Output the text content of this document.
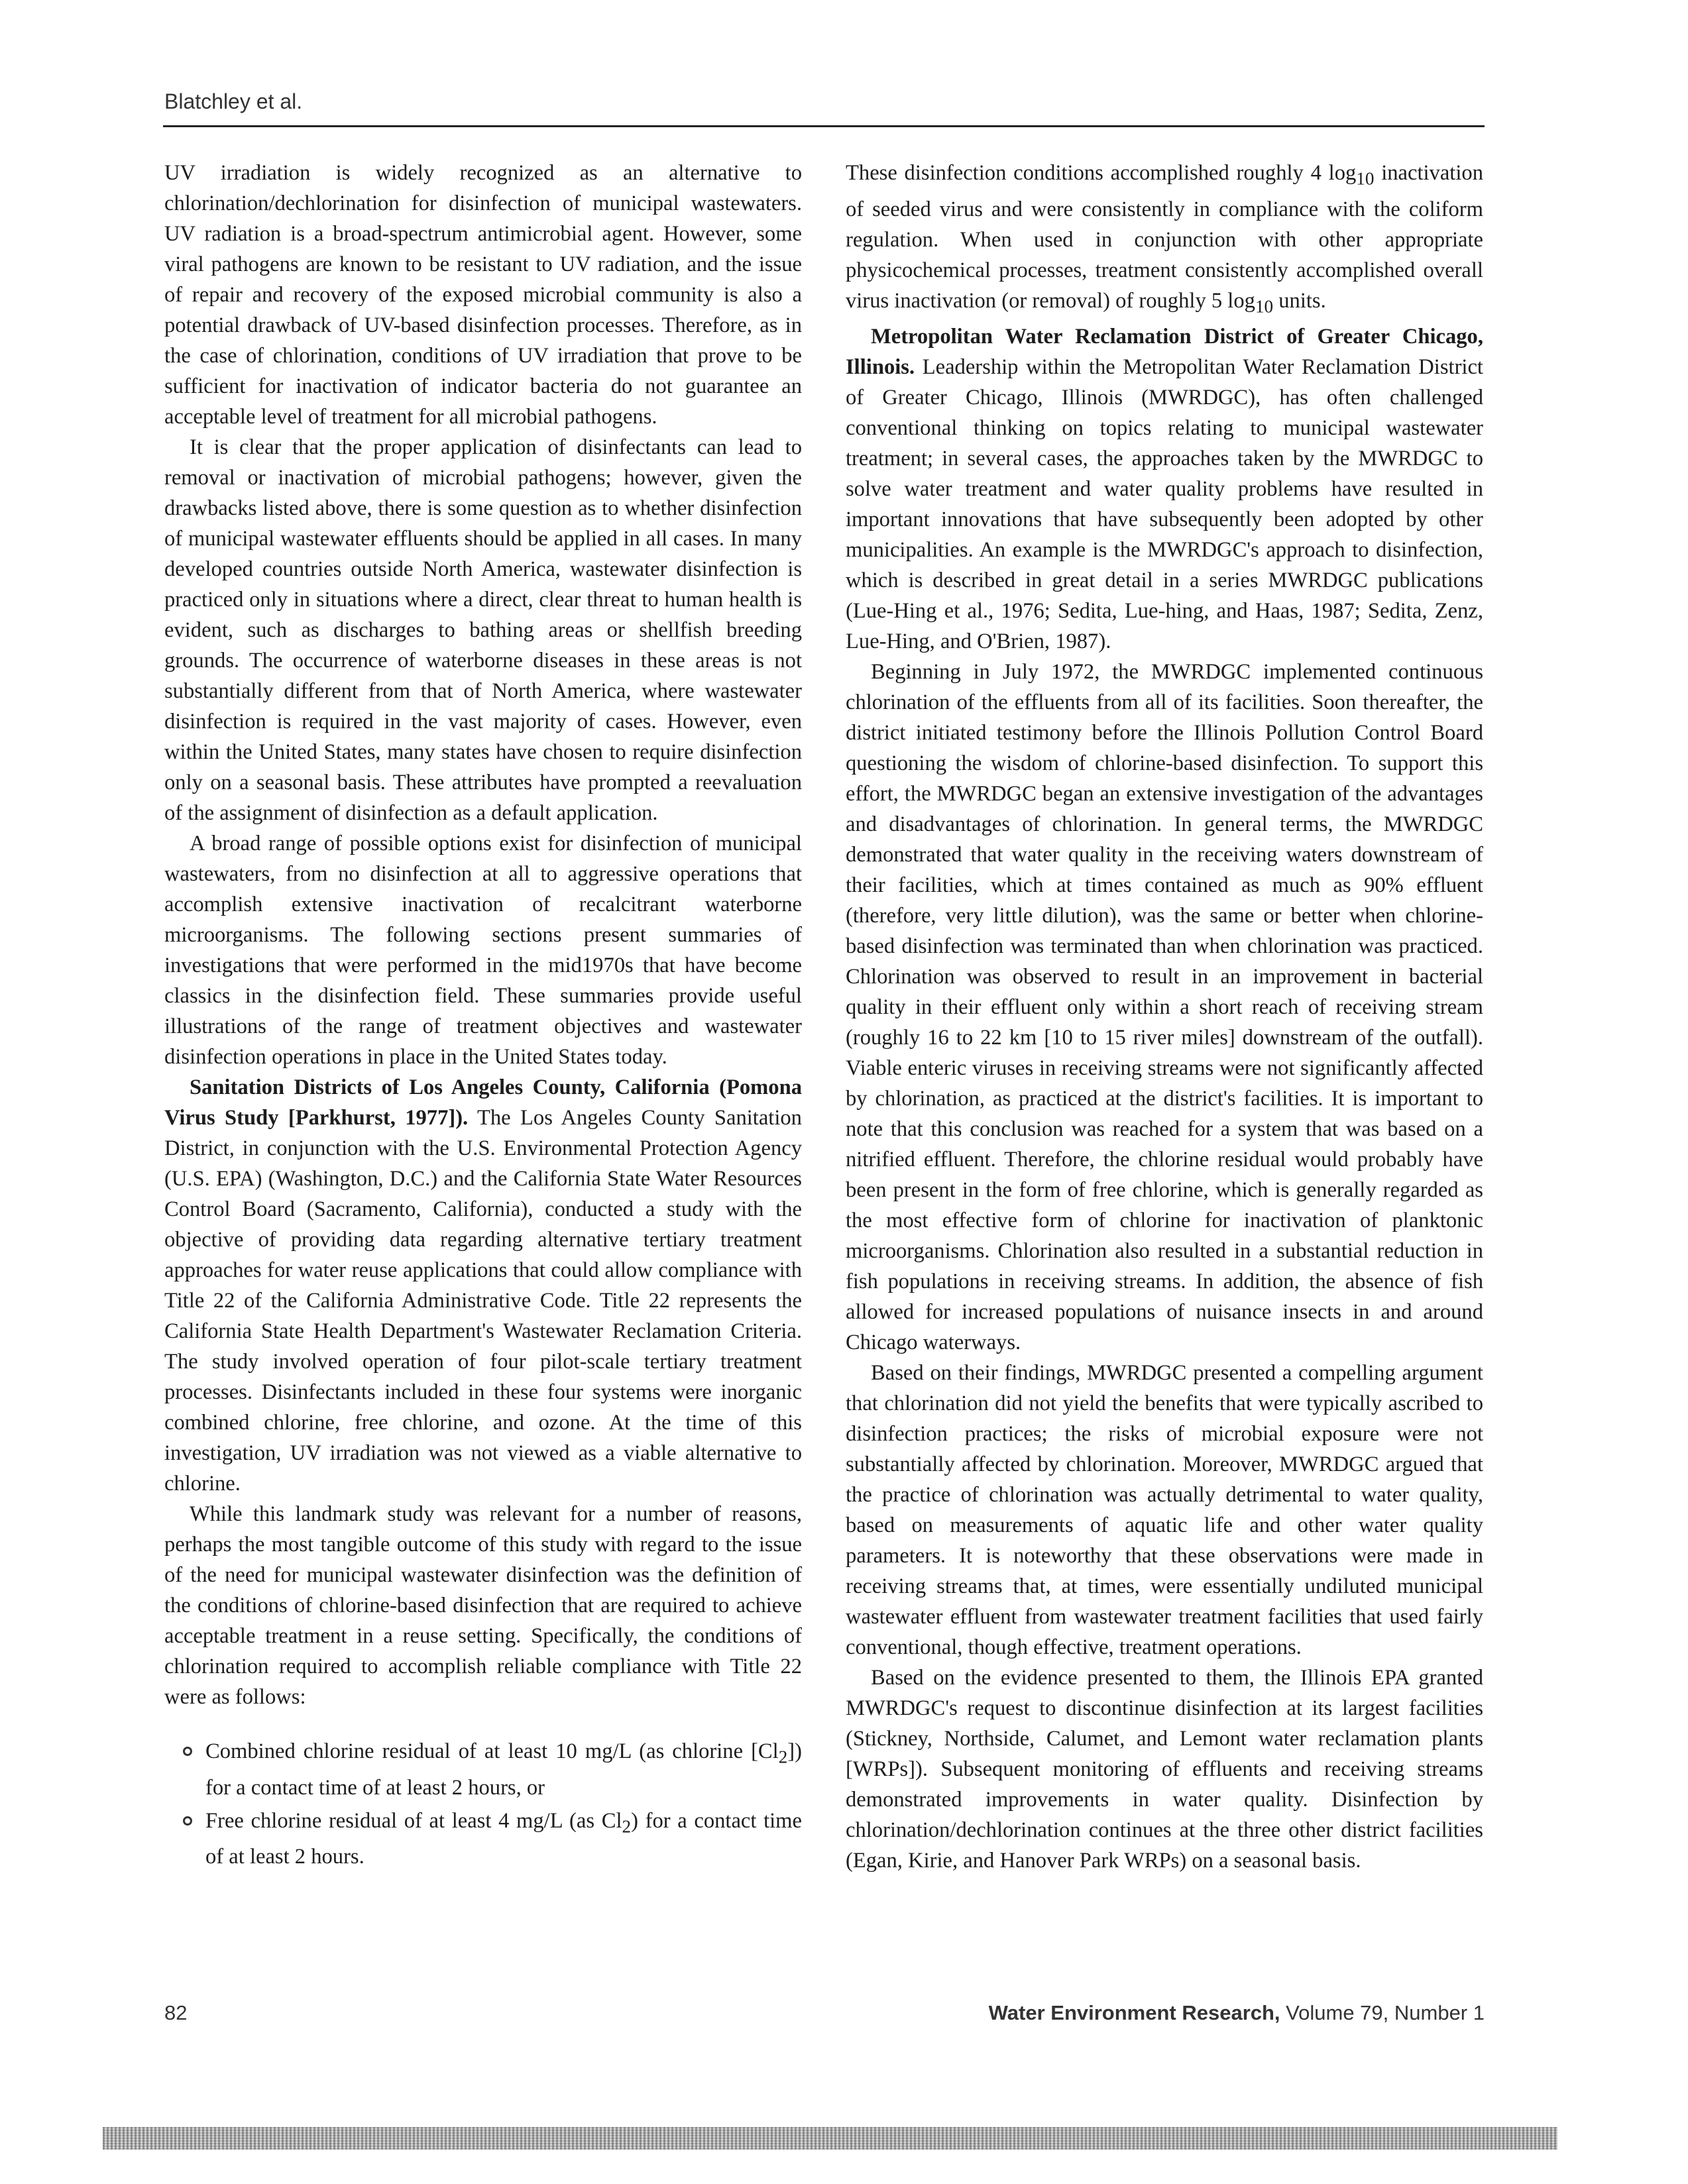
Blatchley et al.

UV irradiation is widely recognized as an alternative to chlorination/dechlorination for disinfection of municipal wastewaters. UV radiation is a broad-spectrum antimicrobial agent. However, some viral pathogens are known to be resistant to UV radiation, and the issue of repair and recovery of the exposed microbial community is also a potential drawback of UV-based disinfection processes. Therefore, as in the case of chlorination, conditions of UV irradiation that prove to be sufficient for inactivation of indicator bacteria do not guarantee an acceptable level of treatment for all microbial pathogens.

It is clear that the proper application of disinfectants can lead to removal or inactivation of microbial pathogens; however, given the drawbacks listed above, there is some question as to whether disinfection of municipal wastewater effluents should be applied in all cases. In many developed countries outside North America, wastewater disinfection is practiced only in situations where a direct, clear threat to human health is evident, such as discharges to bathing areas or shellfish breeding grounds. The occurrence of waterborne diseases in these areas is not substantially different from that of North America, where wastewater disinfection is required in the vast majority of cases. However, even within the United States, many states have chosen to require disinfection only on a seasonal basis. These attributes have prompted a reevaluation of the assignment of disinfection as a default application.

A broad range of possible options exist for disinfection of municipal wastewaters, from no disinfection at all to aggressive operations that accomplish extensive inactivation of recalcitrant waterborne microorganisms. The following sections present summaries of investigations that were performed in the mid1970s that have become classics in the disinfection field. These summaries provide useful illustrations of the range of treatment objectives and wastewater disinfection operations in place in the United States today.

Sanitation Districts of Los Angeles County, California (Pomona Virus Study [Parkhurst, 1977]). The Los Angeles County Sanitation District, in conjunction with the U.S. Environmental Protection Agency (U.S. EPA) (Washington, D.C.) and the California State Water Resources Control Board (Sacramento, California), conducted a study with the objective of providing data regarding alternative tertiary treatment approaches for water reuse applications that could allow compliance with Title 22 of the California Administrative Code. Title 22 represents the California State Health Department's Wastewater Reclamation Criteria. The study involved operation of four pilot-scale tertiary treatment processes. Disinfectants included in these four systems were inorganic combined chlorine, free chlorine, and ozone. At the time of this investigation, UV irradiation was not viewed as a viable alternative to chlorine.

While this landmark study was relevant for a number of reasons, perhaps the most tangible outcome of this study with regard to the issue of the need for municipal wastewater disinfection was the definition of the conditions of chlorine-based disinfection that are required to achieve acceptable treatment in a reuse setting. Specifically, the conditions of chlorination required to accomplish reliable compliance with Title 22 were as follows:

Combined chlorine residual of at least 10 mg/L (as chlorine $[Cl_2]$) for a contact time of at least 2 hours, or
Free chlorine residual of at least 4 mg/L (as $Cl_2$) for a contact time of at least 2 hours.

These disinfection conditions accomplished roughly 4 $\log_{10}$ inactivation of seeded virus and were consistently in compliance with the coliform regulation. When used in conjunction with other appropriate physicochemical processes, treatment consistently accomplished overall virus inactivation (or removal) of roughly 5 $\log_{10}$ units.

Metropolitan Water Reclamation District of Greater Chicago, Illinois. Leadership within the Metropolitan Water Reclamation District of Greater Chicago, Illinois (MWRDGC), has often challenged conventional thinking on topics relating to municipal wastewater treatment; in several cases, the approaches taken by the MWRDGC to solve water treatment and water quality problems have resulted in important innovations that have subsequently been adopted by other municipalities. An example is the MWRDGC's approach to disinfection, which is described in great detail in a series MWRDGC publications (Lue-Hing et al., 1976; Sedita, Lue-hing, and Haas, 1987; Sedita, Zenz, Lue-Hing, and O'Brien, 1987).

Beginning in July 1972, the MWRDGC implemented continuous chlorination of the effluents from all of its facilities. Soon thereafter, the district initiated testimony before the Illinois Pollution Control Board questioning the wisdom of chlorine-based disinfection. To support this effort, the MWRDGC began an extensive investigation of the advantages and disadvantages of chlorination. In general terms, the MWRDGC demonstrated that water quality in the receiving waters downstream of their facilities, which at times contained as much as 90% effluent (therefore, very little dilution), was the same or better when chlorine-based disinfection was terminated than when chlorination was practiced. Chlorination was observed to result in an improvement in bacterial quality in their effluent only within a short reach of receiving stream (roughly 16 to 22 km [10 to 15 river miles] downstream of the outfall). Viable enteric viruses in receiving streams were not significantly affected by chlorination, as practiced at the district's facilities. It is important to note that this conclusion was reached for a system that was based on a nitrified effluent. Therefore, the chlorine residual would probably have been present in the form of free chlorine, which is generally regarded as the most effective form of chlorine for inactivation of planktonic microorganisms. Chlorination also resulted in a substantial reduction in fish populations in receiving streams. In addition, the absence of fish allowed for increased populations of nuisance insects in and around Chicago waterways.

Based on their findings, MWRDGC presented a compelling argument that chlorination did not yield the benefits that were typically ascribed to disinfection practices; the risks of microbial exposure were not substantially affected by chlorination. Moreover, MWRDGC argued that the practice of chlorination was actually detrimental to water quality, based on measurements of aquatic life and other water quality parameters. It is noteworthy that these observations were made in receiving streams that, at times, were essentially undiluted municipal wastewater effluent from wastewater treatment facilities that used fairly conventional, though effective, treatment operations.

Based on the evidence presented to them, the Illinois EPA granted MWRDGC's request to discontinue disinfection at its largest facilities (Stickney, Northside, Calumet, and Lemont water reclamation plants [WRPs]). Subsequent monitoring of effluents and receiving streams demonstrated improvements in water quality. Disinfection by chlorination/dechlorination continues at the three other district facilities (Egan, Kirie, and Hanover Park WRPs) on a seasonal basis.

82	Water Environment Research, Volume 79, Number 1
